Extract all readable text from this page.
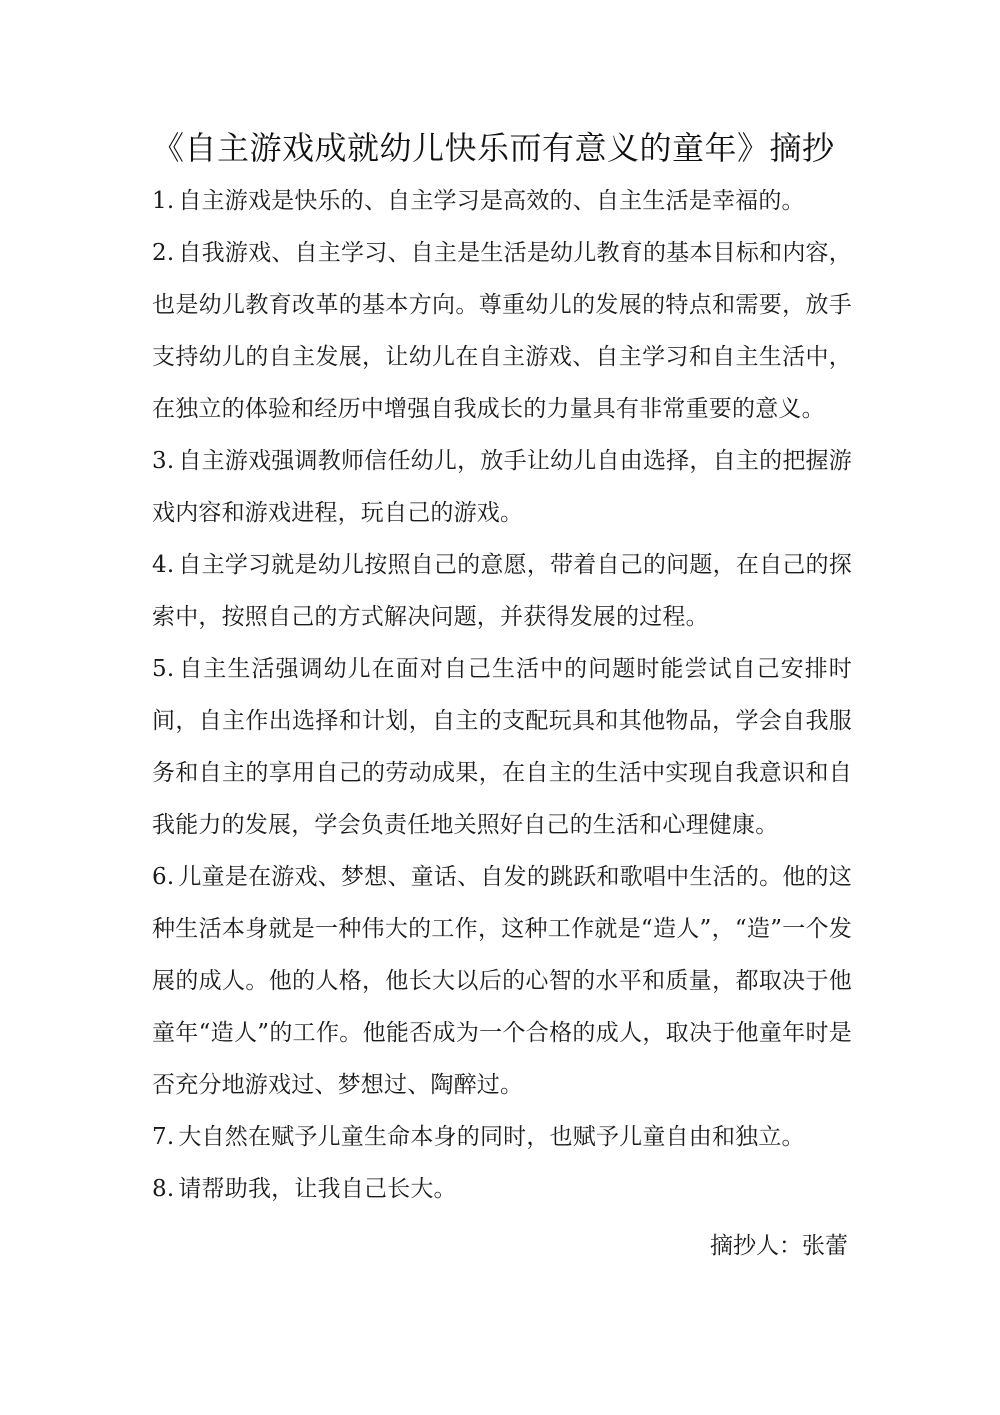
《自主游戏成就幼儿快乐而有意义的童年》摘抄

1. 自主游戏是快乐的、自主学习是高效的、自主生活是幸福的。

2. 自我游戏、自主学习、自主是生活是幼儿教育的基本目标和内容，也是幼儿教育改革的基本方向。尊重幼儿的发展的特点和需要，放手支持幼儿的自主发展，让幼儿在自主游戏、自主学习和自主生活中，在独立的体验和经历中增强自我成长的力量具有非常重要的意义。

3. 自主游戏强调教师信任幼儿，放手让幼儿自由选择，自主的把握游戏内容和游戏进程，玩自己的游戏。

4. 自主学习就是幼儿按照自己的意愿，带着自己的问题，在自己的探索中，按照自己的方式解决问题，并获得发展的过程。

5. 自主生活强调幼儿在面对自己生活中的问题时能尝试自己安排时间，自主作出选择和计划，自主的支配玩具和其他物品，学会自我服务和自主的享用自己的劳动成果，在自主的生活中实现自我意识和自我能力的发展，学会负责任地关照好自己的生活和心理健康。

6. 儿童是在游戏、梦想、童话、自发的跳跃和歌唱中生活的。他的这种生活本身就是一种伟大的工作，这种工作就是“造人”，“造”一个发展的成人。他的人格，他长大以后的心智的水平和质量，都取决于他童年“造人”的工作。他能否成为一个合格的成人，取决于他童年时是否充分地游戏过、梦想过、陶醉过。

7. 大自然在赋予儿童生命本身的同时，也赋予儿童自由和独立。

8. 请帮助我，让我自己长大。

摘抄人：张蕾
